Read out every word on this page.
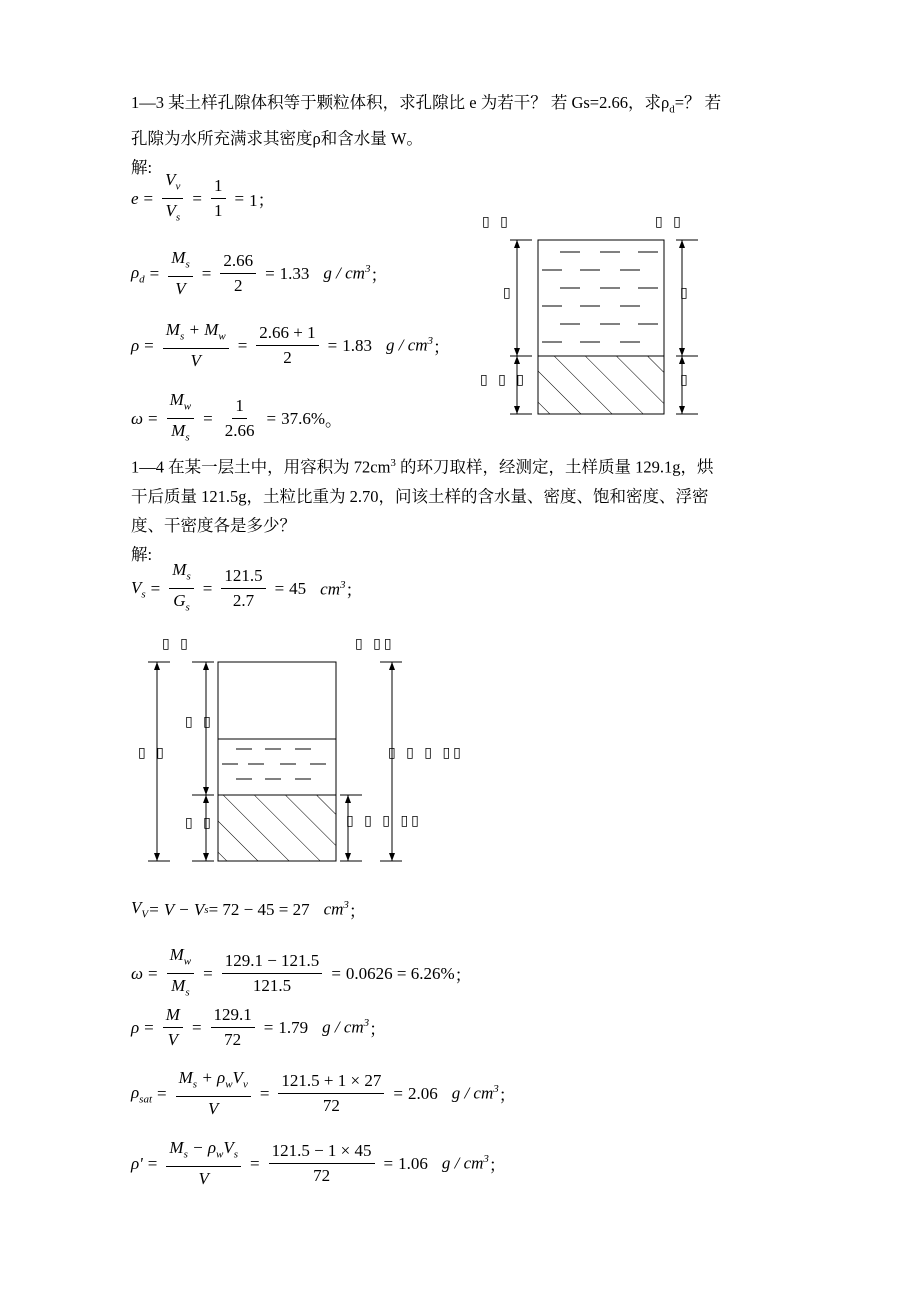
1—3 某土样孔隙体积等于颗粒体积，求孔隙比 e 为若干？ 若 Gs=2.66，求$\rho_d=$？ 若
孔隙为水所充满求其密度ρ和含水量 W。
解:
$e = \frac{V_v}{V_s} = \frac{1}{1} = 1$；
$\rho_d = \frac{M_s}{V} = \frac{2.66}{2} = 1.33$ g / $cm^3$ ；
$\rho = \frac{M_s + M_w}{V} = \frac{2.66 + 1}{2} = 1.83$ g / $cm^3$ ；
$\omega = \frac{M_w}{M_s} = \frac{1}{2.66} = 37.6\%$ 。
▯ ▯	▯ ▯
▯	▯
▯ ▯ ▯	▯
1—4 在某一层土中，用容积为 $72cm^3$ 的环刀取样，经测定，土样质量 129.1g，烘
干后质量 121.5g，土粒比重为 2.70，问该土样的含水量、密度、饱和密度、浮密
度、干密度各是多少？
解:
$V_s = \frac{M_s}{G_s} = \frac{121.5}{2.7} = 45$ $cm^3$ ；
▯ ▯	▯ ▯▯
▯ ▯
▯ ▯
▯ ▯
▯ ▯ ▯ ▯▯
▯ ▯ ▯ ▯▯
$V_V = V - V$ s = 72 − 45 = 27 $cm^3$ ；
$\omega = \frac{M_w}{M_s} = \frac{129.1 - 121.5}{121.5} = 0.0626 = 6.26\%$ ；
$\rho = \frac{M}{V} = \frac{129.1}{72} = 1.79$ g / $cm^3$ ；
$\rho_{sat} = \frac{M_s + \rho_wV_v}{V} = \frac{121.5 + 1 \times 27}{72} = 2.06$ g / $cm^3$ ；
$\rho' = \frac{M_s - \rho_wV_s}{V} = \frac{121.5 - 1 \times 45}{72} = 1.06$ g / $cm^3$ ；
